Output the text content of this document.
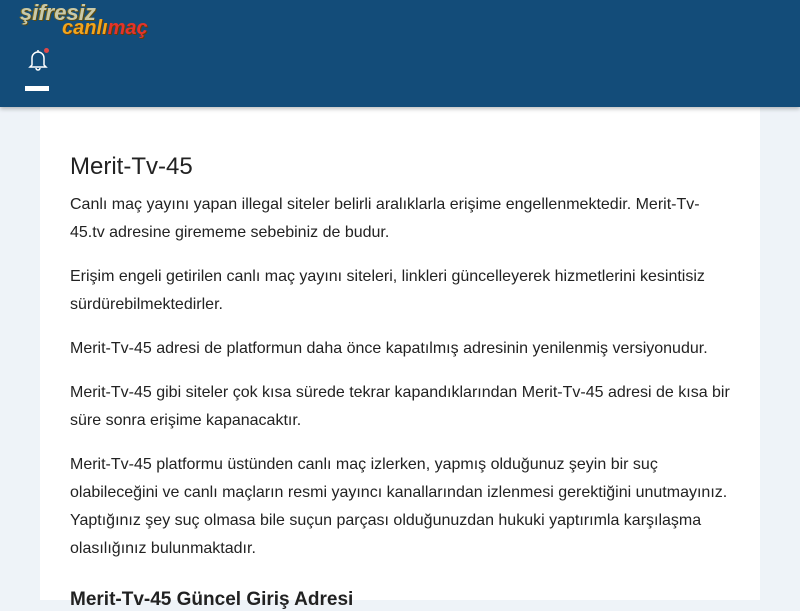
şifresiz
canlımaç
Merit-Tv-45

Canlı maç yayını yapan illegal siteler belirli aralıklarla erişime engellenmektedir. Merit-Tv-45.tv adresine girememe sebebiniz de budur.

Erişim engeli getirilen canlı maç yayını siteleri, linkleri güncelleyerek hizmetlerini kesintisiz sürdürebilmektedirler.

Merit-Tv-45 adresi de platformun daha önce kapatılmış adresinin yenilenmiş versiyonudur.

Merit-Tv-45 gibi siteler çok kısa sürede tekrar kapandıklarından Merit-Tv-45 adresi de kısa bir süre sonra erişime kapanacaktır.

Merit-Tv-45 platformu üstünden canlı maç izlerken, yapmış olduğunuz şeyin bir suç olabileceğini ve canlı maçların resmi yayıncı kanallarından izlenmesi gerektiğini unutmayınız. Yaptığınız şey suç olmasa bile suçun parçası olduğunuzdan hukuki yaptırımla karşılaşma olasılığınız bulunmaktadır.

Merit-Tv-45 Güncel Giriş Adresi
